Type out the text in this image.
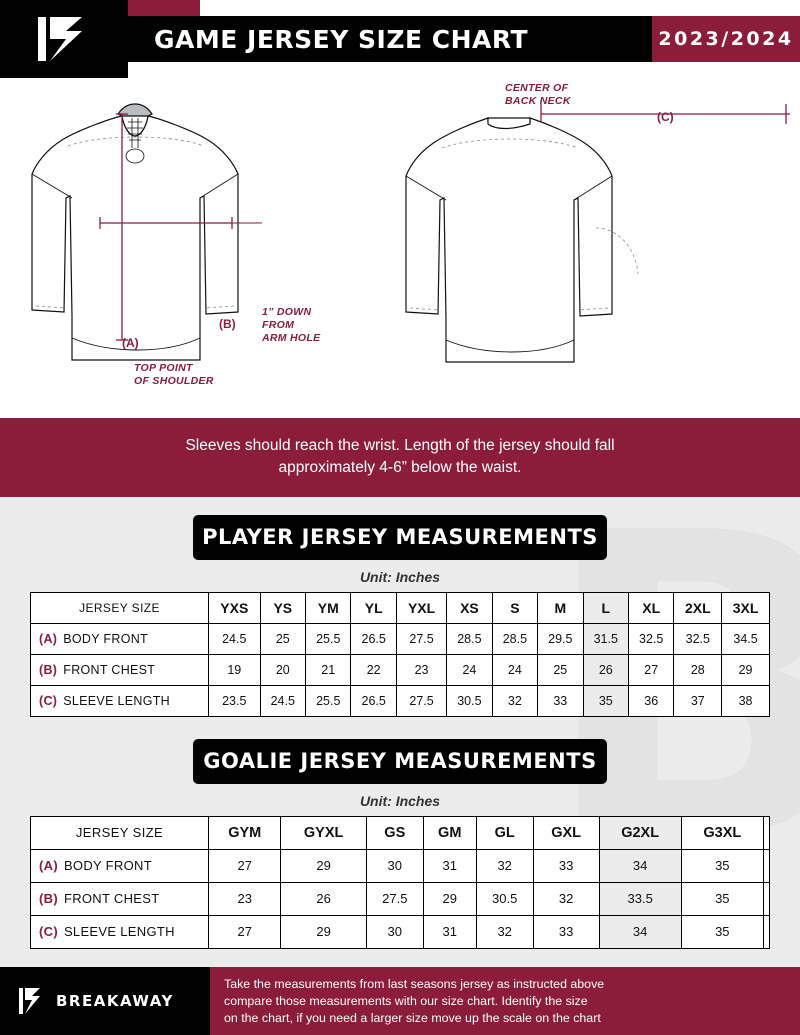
GAME JERSEY SIZE CHART	2023/2024
(A)
TOP POINT
OF SHOULDER
(B)
1” DOWN
FROM
ARM HOLE
(C)
CENTER OF
BACK NECK
Sleeves should reach the wrist. Length of the jersey should fall
approximately 4-6” below the waist.
PLAYER JERSEY MEASUREMENTS
Unit: Inches
JERSEY SIZE	YXS	YS	YM	YL	YXL	XS	S	M	L	XL	2XL	3XL
(A) BODY FRONT	24.5	25	25.5	26.5	27.5	28.5	28.5	29.5	31.5	32.5	32.5	34.5
(B) FRONT CHEST	19	20	21	22	23	24	24	25	26	27	28	29
(C) SLEEVE LENGTH	23.5	24.5	25.5	26.5	27.5	30.5	32	33	35	36	37	38
GOALIE JERSEY MEASUREMENTS
Unit: Inches
JERSEY SIZE	GYM	GYXL	GS	GM	GL	GXL	G2XL	G3XL	
(A) BODY FRONT	27	29	30	31	32	33	34	35	
(B) FRONT CHEST	23	26	27.5	29	30.5	32	33.5	35	
(C) SLEEVE LENGTH	27	29	30	31	32	33	34	35	
BREAKAWAY
Take the measurements from last seasons jersey as instructed above
compare those measurements with our size chart. Identify the size
on the chart, if you need a larger size move up the scale on the chart
